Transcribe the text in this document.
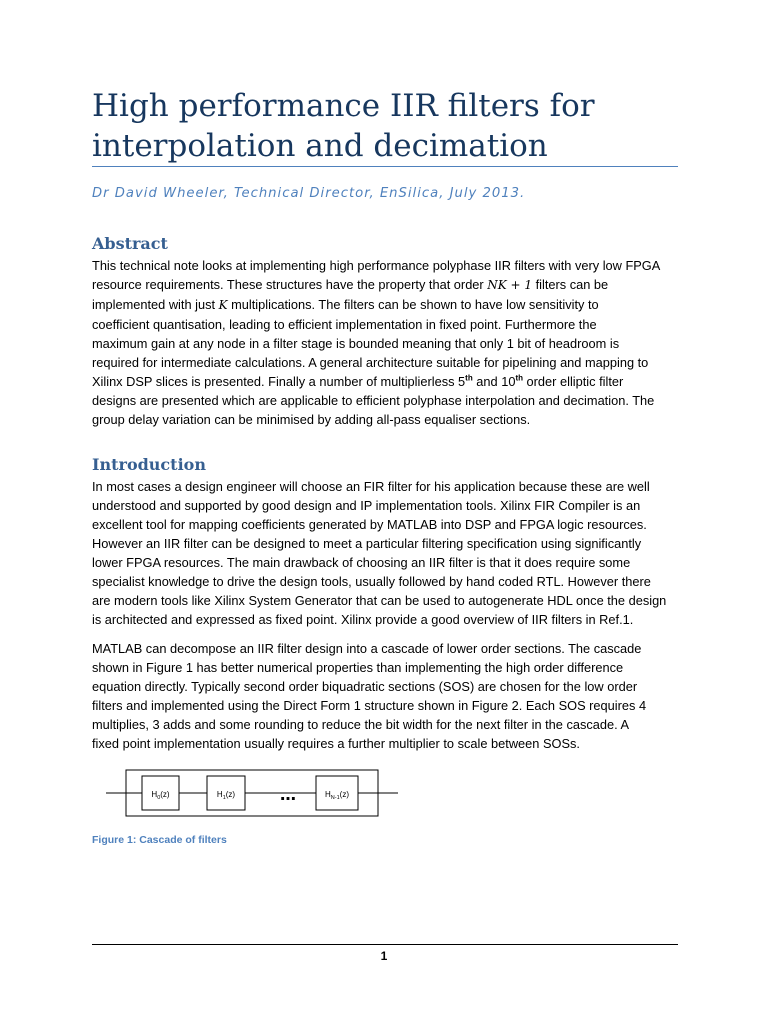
High performance IIR filters for interpolation and decimation
Dr David Wheeler, Technical Director, EnSilica, July 2013.
Abstract
This technical note looks at implementing high performance polyphase IIR filters with very low FPGA
resource requirements. These structures have the property that order NK + 1 filters can be
implemented with just K multiplications. The filters can be shown to have low sensitivity to
coefficient quantisation, leading to efficient implementation in fixed point. Furthermore the
maximum gain at any node in a filter stage is bounded meaning that only 1 bit of headroom is
required for intermediate calculations. A general architecture suitable for pipelining and mapping to
Xilinx DSP slices is presented. Finally a number of multiplierless 5th and 10th order elliptic filter
designs are presented which are applicable to efficient polyphase interpolation and decimation. The
group delay variation can be minimised by adding all-pass equaliser sections.
Introduction
In most cases a design engineer will choose an FIR filter for his application because these are well
understood and supported by good design and IP implementation tools. Xilinx FIR Compiler is an
excellent tool for mapping coefficients generated by MATLAB into DSP and FPGA logic resources.
However an IIR filter can be designed to meet a particular filtering specification using significantly
lower FPGA resources. The main drawback of choosing an IIR filter is that it does require some
specialist knowledge to drive the design tools, usually followed by hand coded RTL. However there
are modern tools like Xilinx System Generator that can be used to autogenerate HDL once the design
is architected and expressed as fixed point. Xilinx provide a good overview of IIR filters in Ref.1.
MATLAB can decompose an IIR filter design into a cascade of lower order sections. The cascade
shown in Figure 1 has better numerical properties than implementing the high order difference
equation directly. Typically second order biquadratic sections (SOS) are chosen for the low order
filters and implemented using the Direct Form 1 structure shown in Figure 2. Each SOS requires 4
multiplies, 3 adds and some rounding to reduce the bit width for the next filter in the cascade. A
fixed point implementation usually requires a further multiplier to scale between SOSs.
$H_0(z)$	$H_1(z)$	…	$H_{N-1}(z)$
Figure 1: Cascade of filters
1
